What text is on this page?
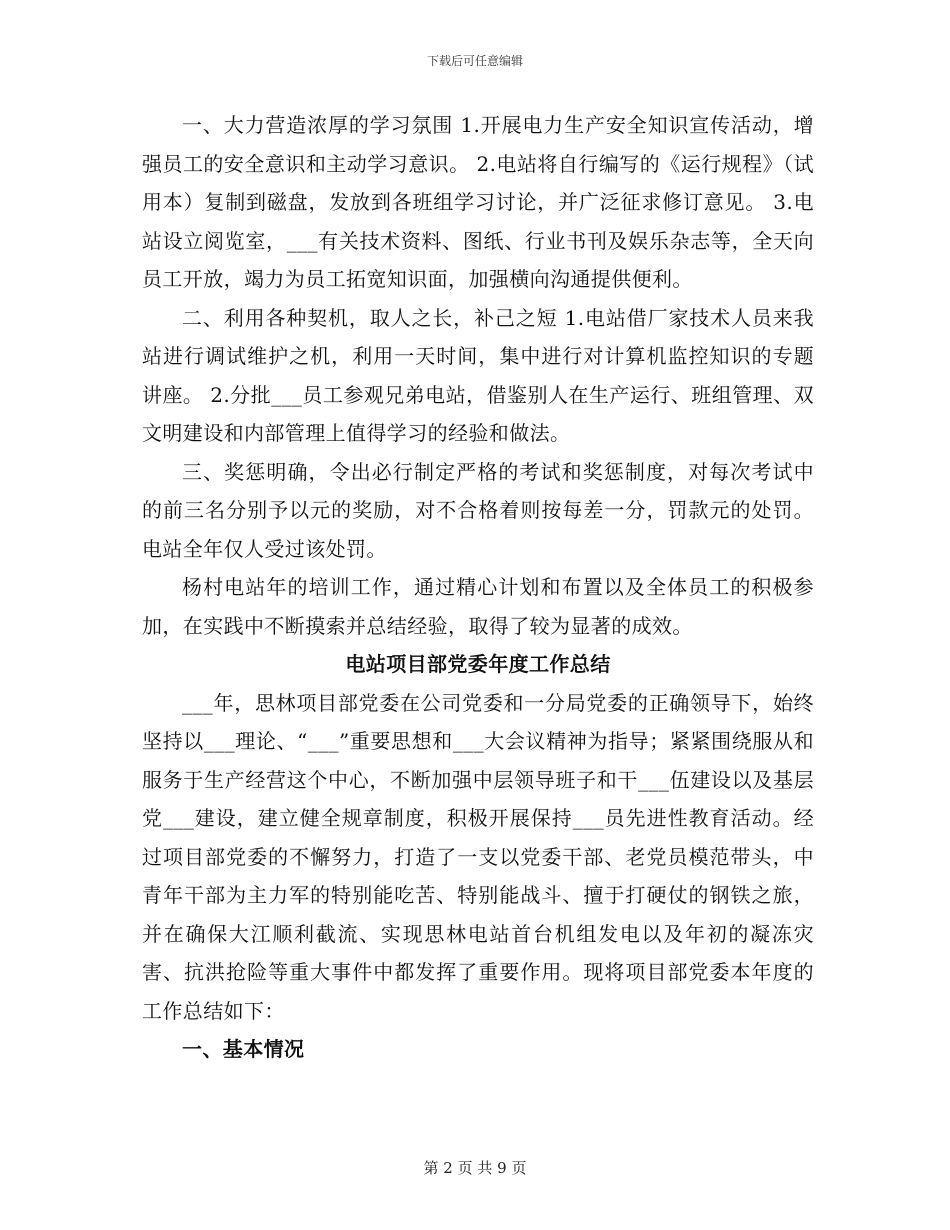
下载后可任意编辑

一、大力营造浓厚的学习氛围 1.开展电力生产安全知识宣传活动，增强员工的安全意识和主动学习意识。 2.电站将自行编写的《运行规程》（试用本）复制到磁盘，发放到各班组学习讨论，并广泛征求修订意见。 3.电站设立阅览室，___有关技术资料、图纸、行业书刊及娱乐杂志等，全天向员工开放，竭力为员工拓宽知识面，加强横向沟通提供便利。

二、利用各种契机，取人之长，补己之短 1.电站借厂家技术人员来我站进行调试维护之机，利用一天时间，集中进行对计算机监控知识的专题讲座。 2.分批___员工参观兄弟电站，借鉴别人在生产运行、班组管理、双文明建设和内部管理上值得学习的经验和做法。

三、奖惩明确，令出必行制定严格的考试和奖惩制度，对每次考试中的前三名分别予以元的奖励，对不合格着则按每差一分，罚款元的处罚。电站全年仅人受过该处罚。

杨村电站年的培训工作，通过精心计划和布置以及全体员工的积极参加，在实践中不断摸索并总结经验，取得了较为显著的成效。

电站项目部党委年度工作总结

___年，思林项目部党委在公司党委和一分局党委的正确领导下，始终坚持以___理论、“___”重要思想和___大会议精神为指导；紧紧围绕服从和服务于生产经营这个中心，不断加强中层领导班子和干___伍建设以及基层党___建设，建立健全规章制度，积极开展保持___员先进性教育活动。经过项目部党委的不懈努力，打造了一支以党委干部、老党员模范带头，中青年干部为主力军的特别能吃苦、特别能战斗、擅于打硬仗的钢铁之旅，并在确保大江顺利截流、实现思林电站首台机组发电以及年初的凝冻灾害、抗洪抢险等重大事件中都发挥了重要作用。现将项目部党委本年度的工作总结如下：

一、基本情况

第 2 页 共 9 页
